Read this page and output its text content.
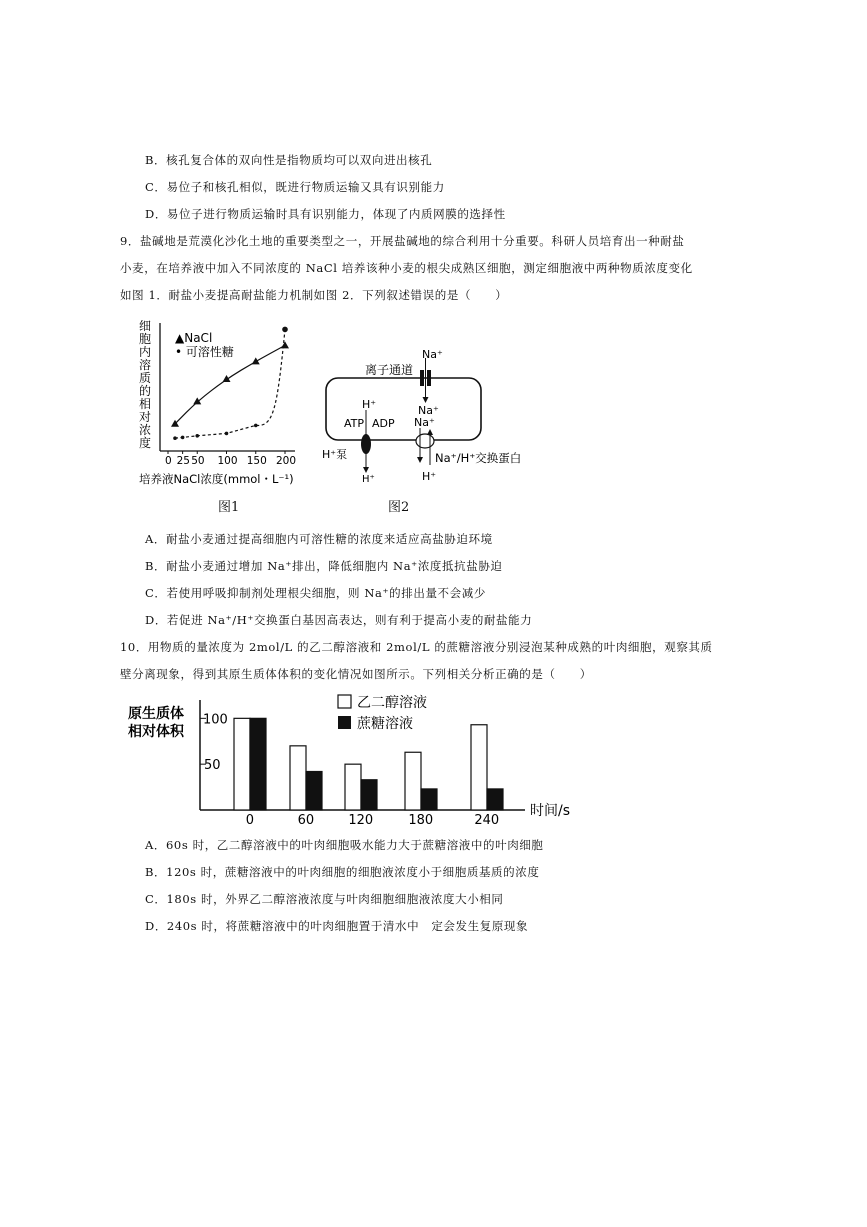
B．核孔复合体的双向性是指物质均可以双向进出核孔
C．易位子和核孔相似，既进行物质运输又具有识别能力
D．易位子进行物质运输时具有识别能力，体现了内质网膜的选择性
9．盐碱地是荒漠化沙化土地的重要类型之一，开展盐碱地的综合利用十分重要。科研人员培育出一种耐盐
小麦，在培养液中加入不同浓度的 NaCl 培养该种小麦的根尖成熟区细胞，测定细胞液中两种物质浓度变化
如图 1．耐盐小麦提高耐盐能力机制如图 2．下列叙述错误的是（　　）
细
胞
内
溶
质
的
相
对
浓
度
0 25 50 100 150 200
▲NaCl
• 可溶性糖
培养液NaCl浓度(mmol・L⁻¹)
图1
Na⁺
离子通道
Na⁺
H⁺
ATP ADP
H⁺泵
H⁺
Na⁺
Na⁺/H⁺交换蛋白
H⁺
图2
A．耐盐小麦通过提高细胞内可溶性糖的浓度来适应高盐胁迫环境
B．耐盐小麦通过增加 Na⁺排出，降低细胞内 Na⁺浓度抵抗盐胁迫
C．若使用呼吸抑制剂处理根尖细胞，则 Na⁺的排出量不会减少
D．若促进 Na⁺/H⁺交换蛋白基因高表达，则有利于提高小麦的耐盐能力
10．用物质的量浓度为 2mol/L 的乙二醇溶液和 2mol/L 的蔗糖溶液分别浸泡某种成熟的叶肉细胞，观察其质
壁分离现象，得到其原生质体体积的变化情况如图所示。下列相关分析正确的是（　　）
原生质体
相对体积
0	60	120	180	240
50
100
乙二醇溶液
蔗糖溶液
时间/s
A．60s 时，乙二醇溶液中的叶肉细胞吸水能力大于蔗糖溶液中的叶肉细胞
B．120s 时，蔗糖溶液中的叶肉细胞的细胞液浓度小于细胞质基质的浓度
C．180s 时，外界乙二醇溶液浓度与叶肉细胞细胞液浓度大小相同
D．240s 时，将蔗糖溶液中的叶肉细胞置于清水中　定会发生复原现象
